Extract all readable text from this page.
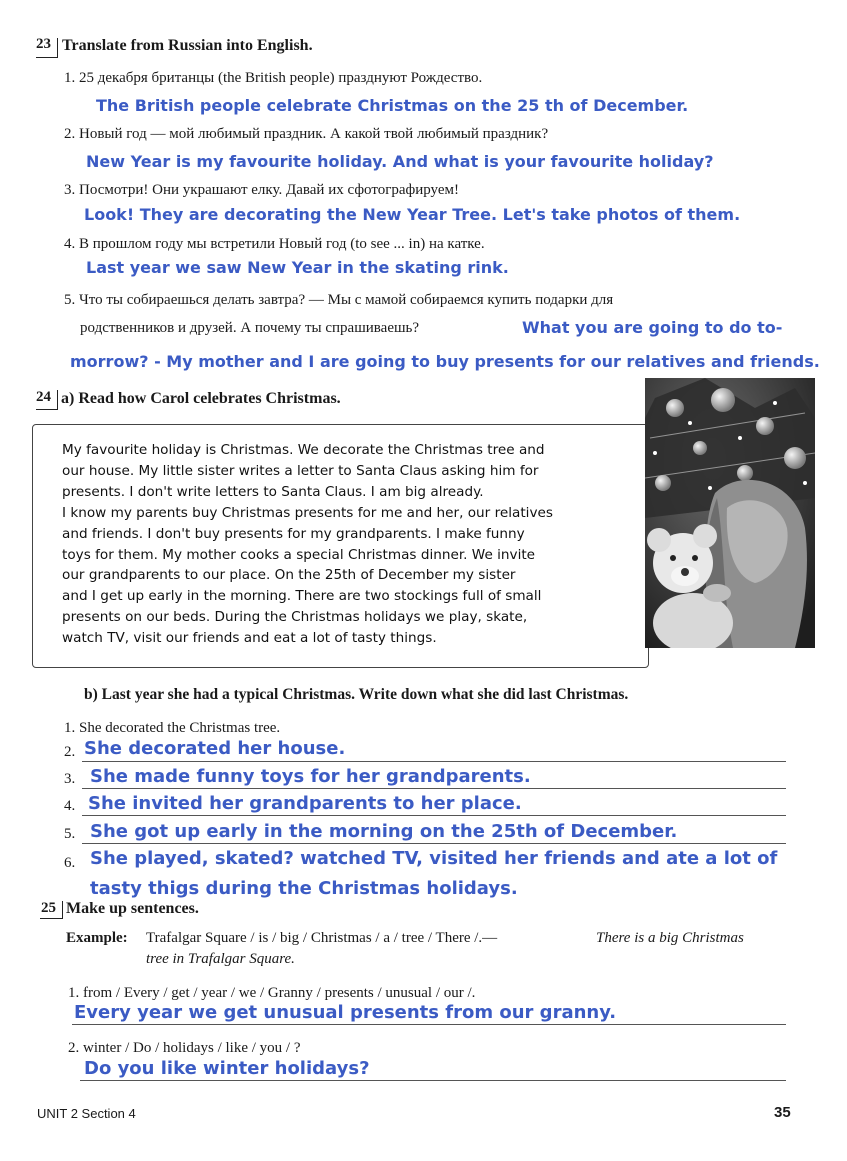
23 Translate from Russian into English.
1. 25 декабря британцы (the British people) празднуют Рождество.
The British people celebrate Christmas on the 25 th of December.
2. Новый год — мой любимый праздник. А какой твой любимый праздник?
New Year is my favourite holiday. And what is your favourite holiday?
3. Посмотри! Они украшают елку. Давай их сфотографируем!
Look! They are decorating the New Year Tree. Let's take photos of them.
4. В прошлом году мы встретили Новый год (to see ... in) на катке.
Last year we saw New Year in the skating rink.
5. Что ты собираешься делать завтра? — Мы с мамой собираемся купить подарки для
родственников и друзей. А почему ты спрашиваешь?	What you are going to do to-
morrow? - My mother and I are going to buy presents for our relatives and friends.
24 a) Read how Carol celebrates Christmas.

My favourite holiday is Christmas. We decorate the Christmas tree and

our house. My little sister writes a letter to Santa Claus asking him for

presents. I don't write letters to Santa Claus. I am big already.

I know my parents buy Christmas presents for me and her, our relatives

and friends. I don't buy presents for my grandparents. I make funny

toys for them. My mother cooks a special Christmas dinner. We invite

our grandparents to our place. On the 25th of December my sister

and I get up early in the morning. There are two stockings full of small

presents on our beds. During the Christmas holidays we play, skate,

watch TV, visit our friends and eat a lot of tasty things.

b) Last year she had a typical Christmas. Write down what she did last Christmas.
1. She decorated the Christmas tree.
2. She decorated her house.
3. She made funny toys for her grandparents.
4. She invited her grandparents to her place.
5. She got up early in the morning on the 25th of December.
6. She played, skated? watched TV, visited her friends and ate a lot of
tasty thigs during the Christmas holidays.
25 Make up sentences.
Example: Trafalgar Square / is / big / Christmas / a / tree / There /.—	There is a big Christmas
tree in Trafalgar Square.
1. from / Every / get / year / we / Granny / presents / unusual / our /.
Every year we get unusual presents from our granny.
2. winter / Do / holidays / like / you / ?
Do you like winter holidays?
UNIT 2 Section 4	35
